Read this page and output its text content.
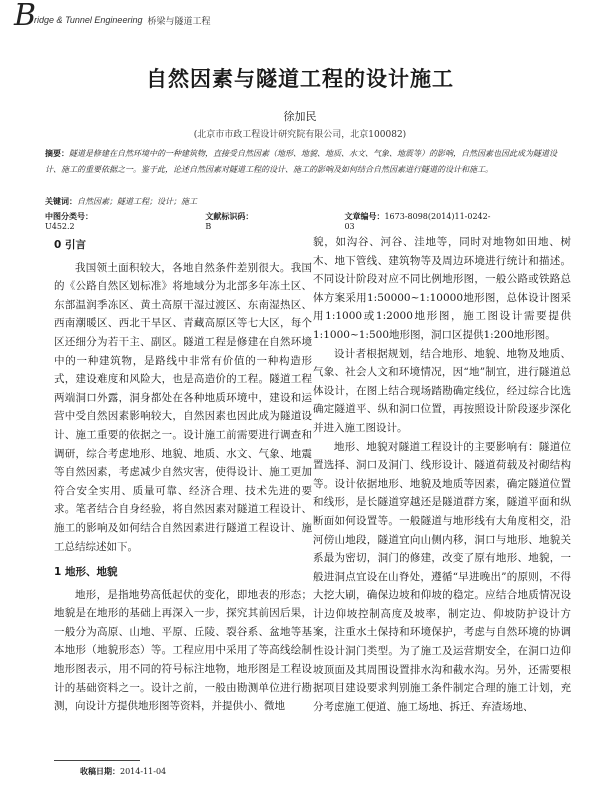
B
ridge & Tunnel Engineering 桥梁与隧道工程
自然因素与隧道工程的设计施工
徐加民
(北京市市政工程设计研究院有限公司，北京100082)
摘要：隧道是修建在自然环境中的一种建筑物，直接受自然因素（地形、地貌、地质、水文、气象、地震等）的影响，自然因素也因此成为隧道设计、施工的重要依据之一。鉴于此，论述自然因素对隧道工程的设计、施工的影响及如何结合自然因素进行隧道的设计和施工。
关键词：自然因素；隧道工程；设计；施工
中图分类号：U452.2
文献标识码：B
文章编号：1673-8098(2014)11-0242-03
0 引言

我国领土面积较大，各地自然条件差别很大。我国的《公路自然区划标准》将地域分为北部多年冻土区、东部温润季冻区、黄土高原干湿过渡区、东南湿热区、西南潮暖区、西北干旱区、青藏高原区等七大区，每个区还细分为若干主、副区。隧道工程是修建在自然环境中的一种建筑物，是路线中非常有价值的一种构造形式，建设难度和风险大，也是高造价的工程。隧道工程两端洞口外露，洞身都处在各种地质环境中，建设和运营中受自然因素影响较大，自然因素也因此成为隧道设计、施工重要的依据之一。设计施工前需要进行调查和调研，综合考虑地形、地貌、地质、水文、气象、地震等自然因素，考虑减少自然灾害，使得设计、施工更加符合安全实用、质量可靠、经济合理、技术先进的要求。笔者结合自身经验，将自然因素对隧道工程设计、施工的影响及如何结合自然因素进行隧道工程设计、施工总结综述如下。

1 地形、地貌

地形，是指地势高低起伏的变化，即地表的形态；地貌是在地形的基础上再深入一步，探究其前因后果，一般分为高原、山地、平原、丘陵、裂谷系、盆地等基本地形（地貌形态）等。工程应用中采用了等高线绘制地形图表示，用不同的符号标注地物，地形图是工程设计的基础资料之一。设计之前，一般由勘测单位进行勘测，向设计方提供地形图等资料，并提供小、微地

貌，如沟谷、河谷、洼地等，同时对地物如田地、树木、地下管线、建筑物等及周边环境进行统计和描述。不同设计阶段对应不同比例地形图，一般公路或铁路总体方案采用1:50000~1:10000地形图，总体设计图采用1:1000或1:2000地形图，施工图设计需要提供1:1000~1:500地形图，洞口区提供1:200地形图。

设计者根据规划，结合地形、地貌、地物及地质、气象、社会人文和环境情况，因“地”制宜，进行隧道总体设计，在图上结合现场踏勘确定线位，经过综合比选确定隧道平、纵和洞口位置，再按照设计阶段逐步深化并进入施工图设计。

地形、地貌对隧道工程设计的主要影响有：隧道位置选择、洞口及洞门、线形设计、隧道荷载及衬砌结构等。设计依据地形、地貌及地质等因素，确定隧道位置和线形，是长隧道穿越还是隧道群方案，隧道平面和纵断面如何设置等。一般隧道与地形线有大角度相交，沿河傍山地段，隧道宜向山侧内移，洞口与地形、地貌关系最为密切，洞门的修建，改变了原有地形、地貌，一般进洞点宜设在山脊处，遵循“早进晚出”的原则，不得大挖大刷，确保边坡和仰坡的稳定。应结合地质情况设计边仰坡控制高度及坡率，制定边、仰坡防护设计方案，注重水土保持和环境保护，考虑与自然环境的协调性设计洞门类型。为了施工及运营期安全，在洞口边仰坡顶面及其周围设置排水沟和截水沟。另外，还需要根据项目建设要求判别施工条件制定合理的施工计划，充分考虑施工便道、施工场地、拆迁、弃渣场地、

收稿日期：2014-11-04
